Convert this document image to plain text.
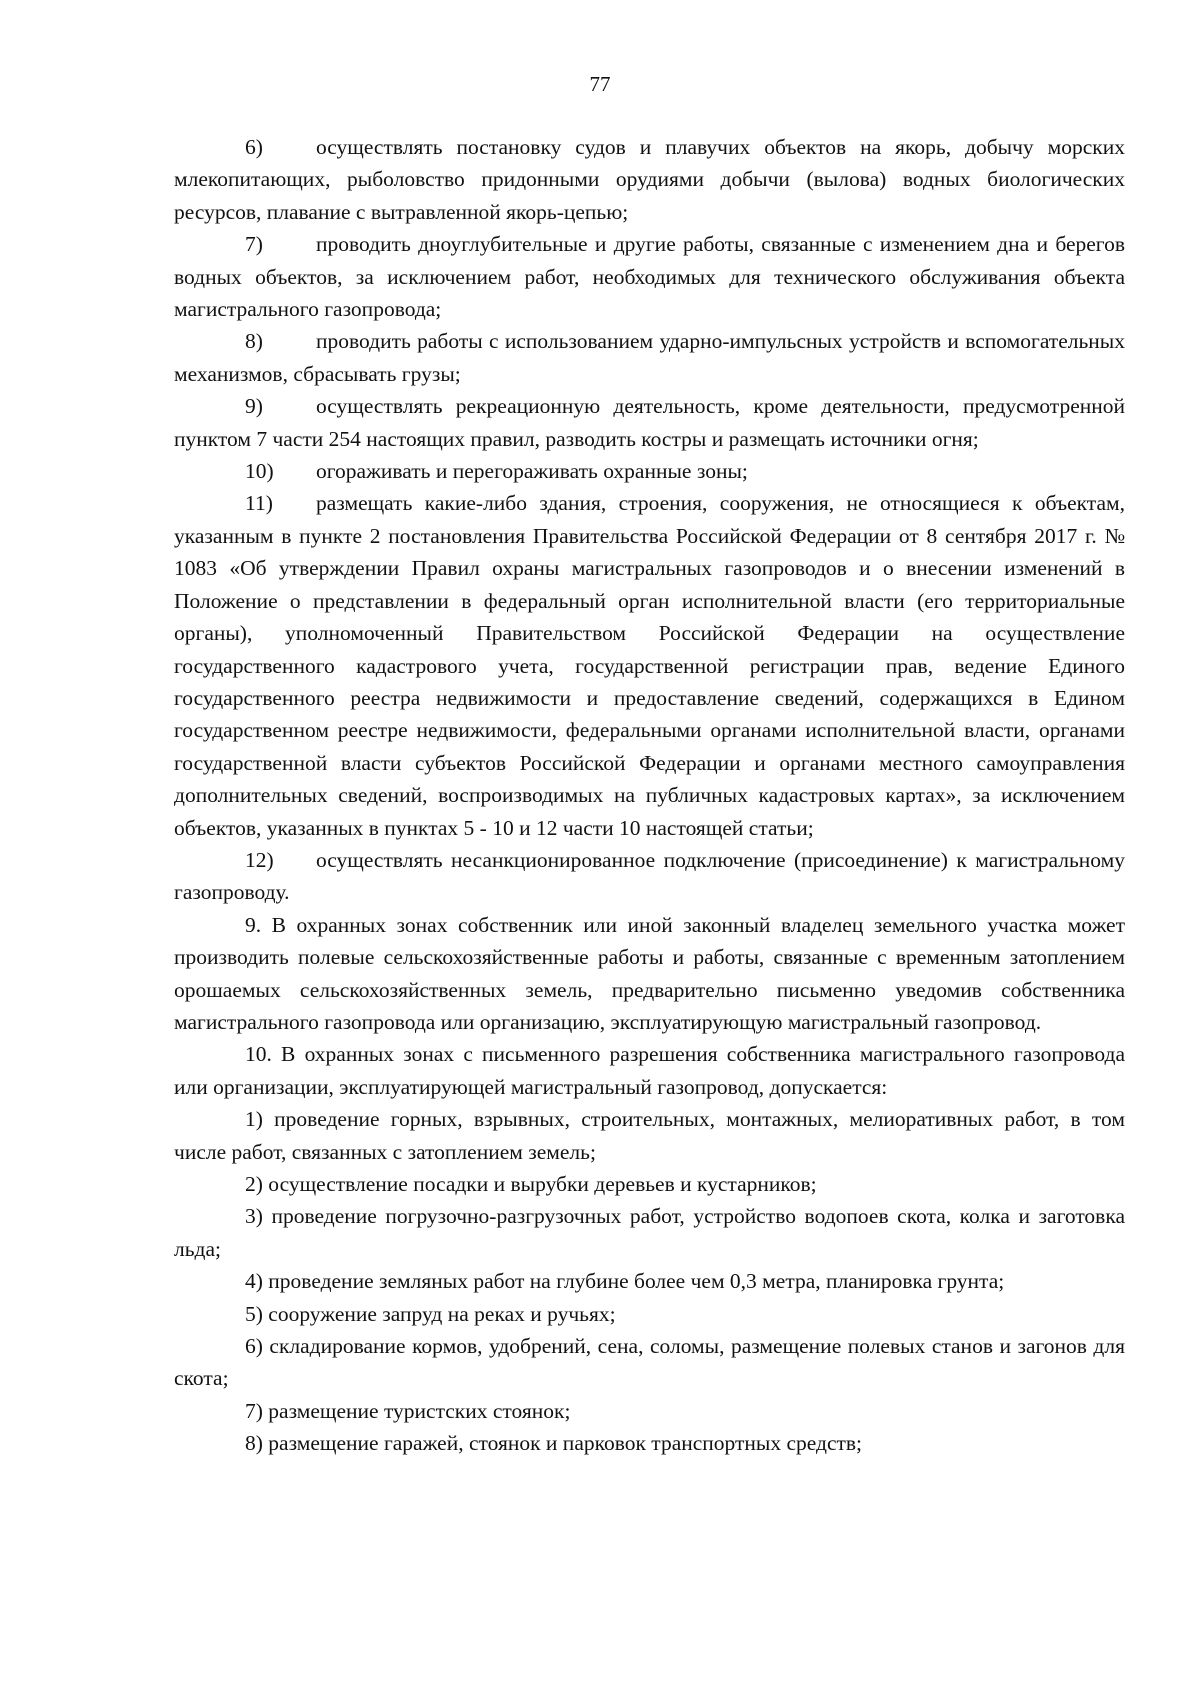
77

6) осуществлять постановку судов и плавучих объектов на якорь, добычу морских млекопитающих, рыболовство придонными орудиями добычи (вылова) водных биологических ресурсов, плавание с вытравленной якорь-цепью;

7) проводить дноуглубительные и другие работы, связанные с изменением дна и берегов водных объектов, за исключением работ, необходимых для технического обслуживания объекта магистрального газопровода;

8) проводить работы с использованием ударно-импульсных устройств и вспомогательных механизмов, сбрасывать грузы;

9) осуществлять рекреационную деятельность, кроме деятельности, предусмотренной пунктом 7 части 254 настоящих правил, разводить костры и размещать источники огня;

10) огораживать и перегораживать охранные зоны;

11) размещать какие-либо здания, строения, сооружения, не относящиеся к объектам, указанным в пункте 2 постановления Правительства Российской Федерации от 8 сентября 2017 г. № 1083 «Об утверждении Правил охраны магистральных газопроводов и о внесении изменений в Положение о представлении в федеральный орган исполнительной власти (его территориальные органы), уполномоченный Правительством Российской Федерации на осуществление государственного кадастрового учета, государственной регистрации прав, ведение Единого государственного реестра недвижимости и предоставление сведений, содержащихся в Едином государственном реестре недвижимости, федеральными органами исполнительной власти, органами государственной власти субъектов Российской Федерации и органами местного самоуправления дополнительных сведений, воспроизводимых на публичных кадастровых картах», за исключением объектов, указанных в пунктах 5 - 10 и 12 части 10 настоящей статьи;

12) осуществлять несанкционированное подключение (присоединение) к магистральному газопроводу.

9. В охранных зонах собственник или иной законный владелец земельного участка может производить полевые сельскохозяйственные работы и работы, связанные с временным затоплением орошаемых сельскохозяйственных земель, предварительно письменно уведомив собственника магистрального газопровода или организацию, эксплуатирующую магистральный газопровод.

10. В охранных зонах с письменного разрешения собственника магистрального газопровода или организации, эксплуатирующей магистральный газопровод, допускается:

1) проведение горных, взрывных, строительных, монтажных, мелиоративных работ, в том числе работ, связанных с затоплением земель;

2) осуществление посадки и вырубки деревьев и кустарников;

3) проведение погрузочно-разгрузочных работ, устройство водопоев скота, колка и заготовка льда;

4) проведение земляных работ на глубине более чем 0,3 метра, планировка грунта;

5) сооружение запруд на реках и ручьях;

6) складирование кормов, удобрений, сена, соломы, размещение полевых станов и загонов для скота;

7) размещение туристских стоянок;

8) размещение гаражей, стоянок и парковок транспортных средств;
